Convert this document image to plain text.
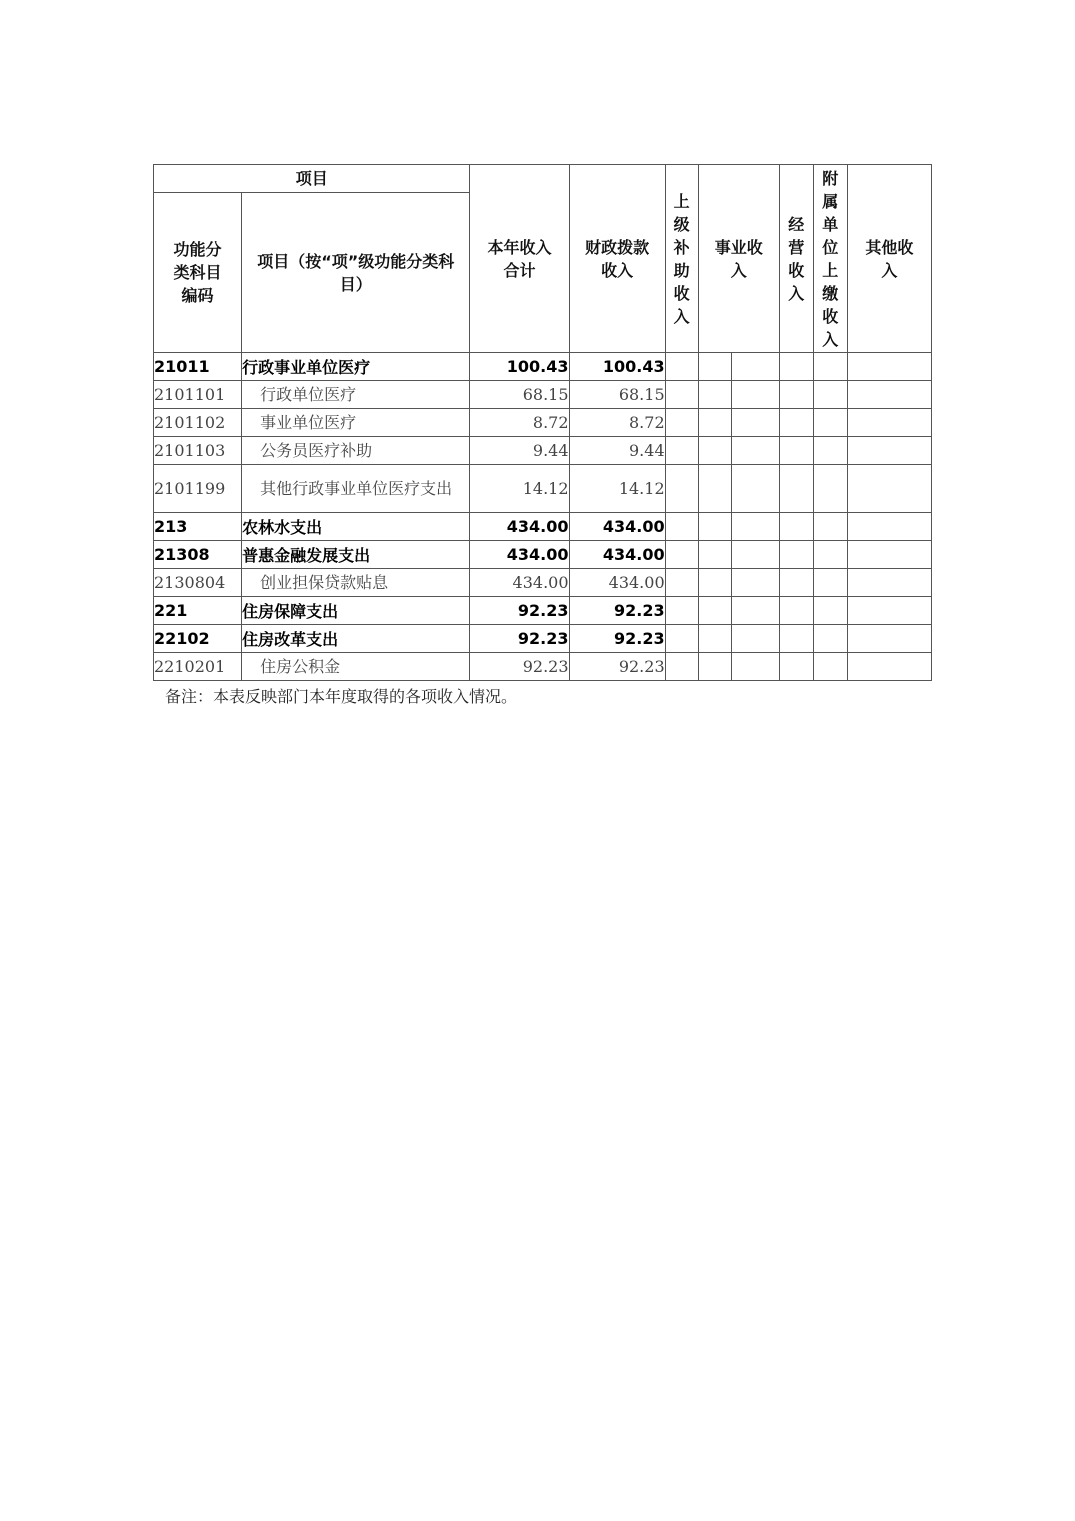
项目		本年收入合计	财政拨款收入	上级补助收入	事业收入		经营收入	附属单位上缴收入	其他收入
功能分类科目编码	项目（按“项”级功能分类科目）								
21011	行政事业单位医疗	100.43	100.43						
2101101	行政单位医疗	68.15	68.15						
2101102	事业单位医疗	8.72	8.72						
2101103	公务员医疗补助	9.44	9.44						
2101199	其他行政事业单位医疗支出	14.12	14.12						
213	农林水支出	434.00	434.00						
21308	普惠金融发展支出	434.00	434.00						
2130804	创业担保贷款贴息	434.00	434.00						
221	住房保障支出	92.23	92.23						
22102	住房改革支出	92.23	92.23						
2210201	住房公积金	92.23	92.23						
备注：本表反映部门本年度取得的各项收入情况。
